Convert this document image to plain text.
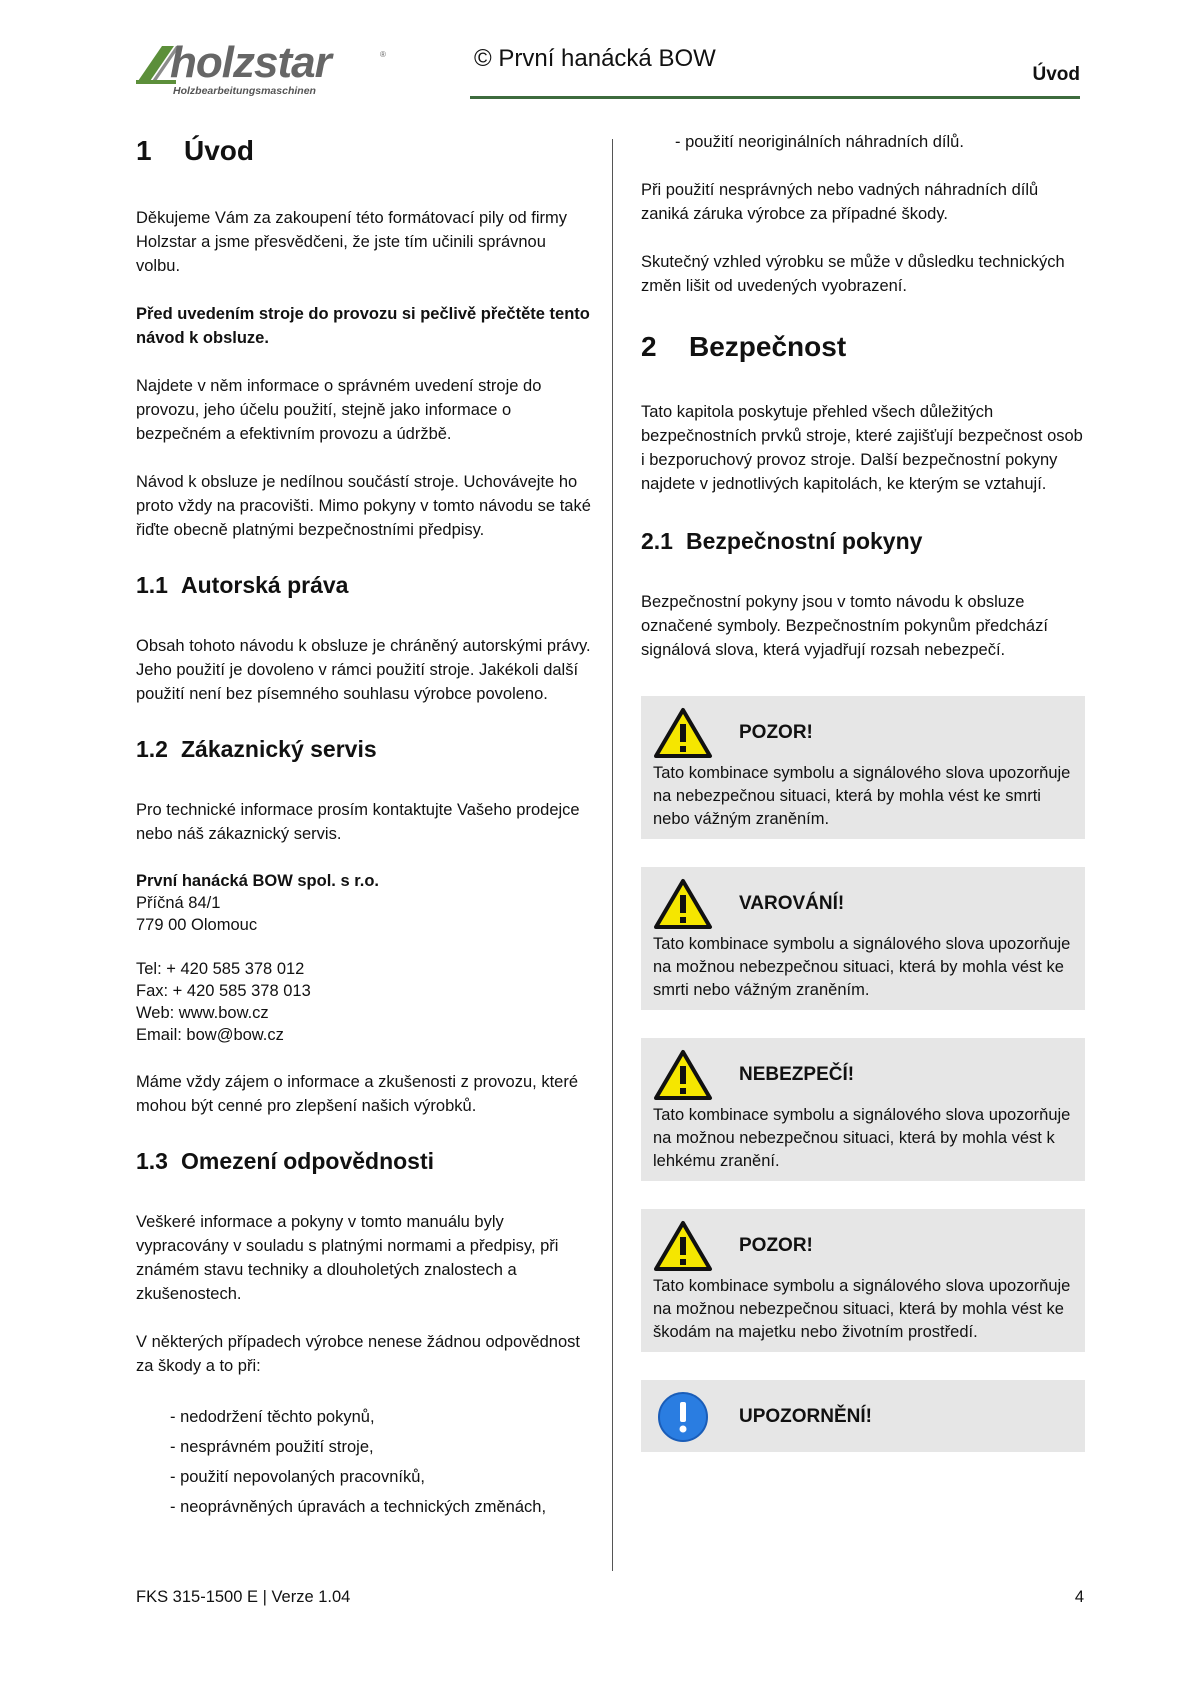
holzstar	®
Holzbearbeitungsmaschinen
© První hanácká BOW
Úvod
1	Úvod

Děkujeme Vám za zakoupení této formátovací pily od firmy Holzstar a jsme přesvědčeni, že jste tím učinili správnou volbu.

Před uvedením stroje do provozu si pečlivě přečtěte tento návod k obsluze.

Najdete v něm informace o správném uvedení stroje do provozu, jeho účelu použití, stejně jako informace o bezpečném a efektivním provozu a údržbě.

Návod k obsluze je nedílnou součástí stroje. Uchovávejte ho proto vždy na pracovišti. Mimo pokyny v tomto návodu se také řiďte obecně platnými bezpečnostními předpisy.

1.1 Autorská práva

Obsah tohoto návodu k obsluze je chráněný autorskými právy. Jeho použití je dovoleno v rámci použití stroje. Jakékoli další použití není bez písemného souhlasu výrobce povoleno.

1.2 Zákaznický servis

Pro technické informace prosím kontaktujte Vašeho prodejce nebo náš zákaznický servis.

První hanácká BOW spol. s r.o.
Příčná 84/1
779 00 Olomouc
Tel: + 420 585 378 012
Fax: + 420 585 378 013
Web: www.bow.cz
Email: bow@bow.cz

Máme vždy zájem o informace a zkušenosti z provozu, které mohou být cenné pro zlepšení našich výrobků.

1.3 Omezení odpovědnosti

Veškeré informace a pokyny v tomto manuálu byly vypracovány v souladu s platnými normami a předpisy, při známém stavu techniky a dlouholetých znalostech a zkušenostech.

V některých případech výrobce nenese žádnou odpovědnost za škody a to při:

- nedodržení těchto pokynů,
- nesprávném použití stroje,
- použití nepovolaných pracovníků,
- neoprávněných úpravách a technických změnách,
- použití neoriginálních náhradních dílů.

Při použití nesprávných nebo vadných náhradních dílů zaniká záruka výrobce za případné škody.

Skutečný vzhled výrobku se může v důsledku technických změn lišit od uvedených vyobrazení.

2	Bezpečnost

Tato kapitola poskytuje přehled všech důležitých bezpečnostních prvků stroje, které zajišťují bezpečnost osob i bezporuchový provoz stroje. Další bezpečnostní pokyny najdete v jednotlivých kapitolách, ke kterým se vztahují.

2.1 Bezpečnostní pokyny

Bezpečnostní pokyny jsou v tomto návodu k obsluze označené symboly. Bezpečnostním pokynům předchází signálová slova, která vyjadřují rozsah nebezpečí.

POZOR!
Tato kombinace symbolu a signálového slova upozorňuje na nebezpečnou situaci, která by mohla vést ke smrti nebo vážným zraněním.
VAROVÁNÍ!
Tato kombinace symbolu a signálového slova upozorňuje na možnou nebezpečnou situaci, která by mohla vést ke smrti nebo vážným zraněním.
NEBEZPEČÍ!
Tato kombinace symbolu a signálového slova upozorňuje na možnou nebezpečnou situaci, která by mohla vést k lehkému zranění.
POZOR!
Tato kombinace symbolu a signálového slova upozorňuje na možnou nebezpečnou situaci, která by mohla vést ke škodám na majetku nebo životním prostředí.
UPOZORNĚNÍ!
FKS 315-1500 E | Verze 1.04	4
